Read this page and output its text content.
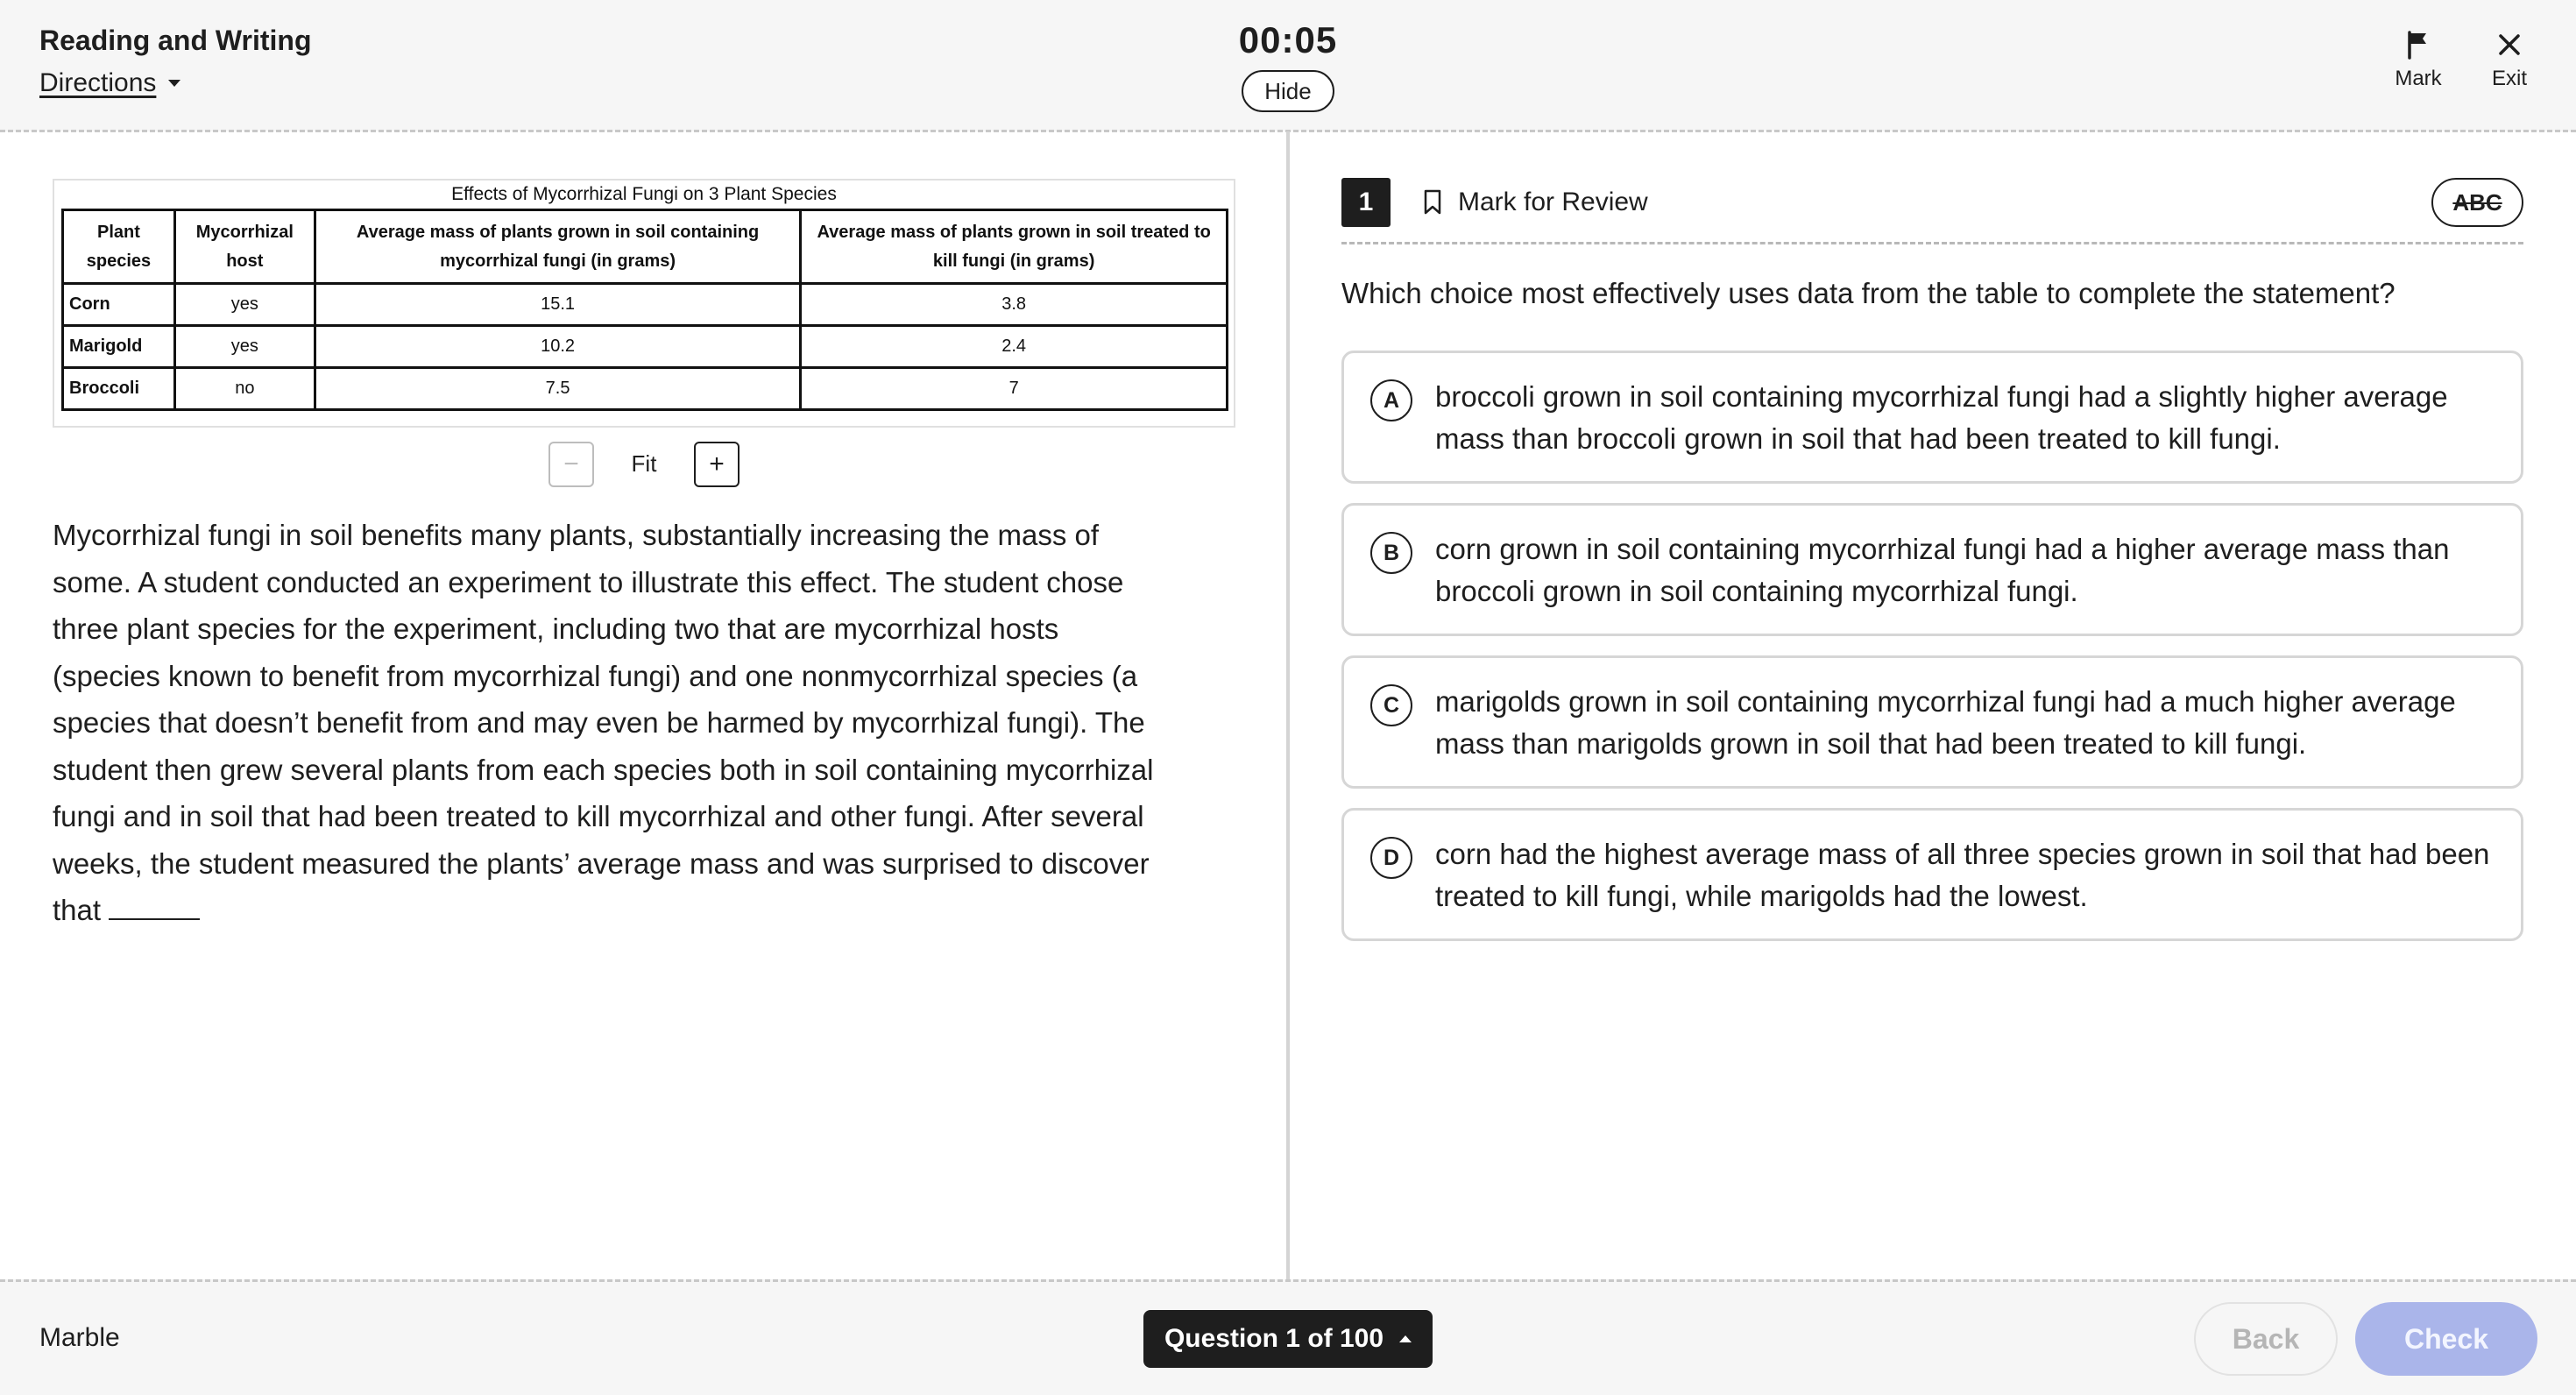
Reading and Writing
Directions
00:05
Hide	Mark Exit
Effects of Mycorrhizal Fungi on 3 Plant Species
Plant species	Mycorrhizal host	Average mass of plants grown in soil containing mycorrhizal fungi (in grams)	Average mass of plants grown in soil treated to kill fungi (in grams)
Corn	yes	15.1	3.8
Marigold	yes	10.2	2.4
Broccoli	no	7.5	7
−	Fit	+
Mycorrhizal fungi in soil benefits many plants, substantially increasing the mass of some. A student conducted an experiment to illustrate this effect. The student chose three plant species for the experiment, including two that are mycorrhizal hosts (species known to benefit from mycorrhizal fungi) and one nonmycorrhizal species (a species that doesn’t benefit from and may even be harmed by mycorrhizal fungi). The student then grew several plants from each species both in soil containing mycorrhizal fungi and in soil that had been treated to kill mycorrhizal and other fungi. After several weeks, the student measured the plants’ average mass and was surprised to discover that
1	Mark for Review	ABC
Which choice most effectively uses data from the table to complete the statement?
A	broccoli grown in soil containing mycorrhizal fungi had a slightly higher average mass than broccoli grown in soil that had been treated to kill fungi.
B	corn grown in soil containing mycorrhizal fungi had a higher average mass than broccoli grown in soil containing mycorrhizal fungi.
C	marigolds grown in soil containing mycorrhizal fungi had a much higher average mass than marigolds grown in soil that had been treated to kill fungi.
D	corn had the highest average mass of all three species grown in soil that had been treated to kill fungi, while marigolds had the lowest.
Marble	Question 1 of 100	Back	Check
